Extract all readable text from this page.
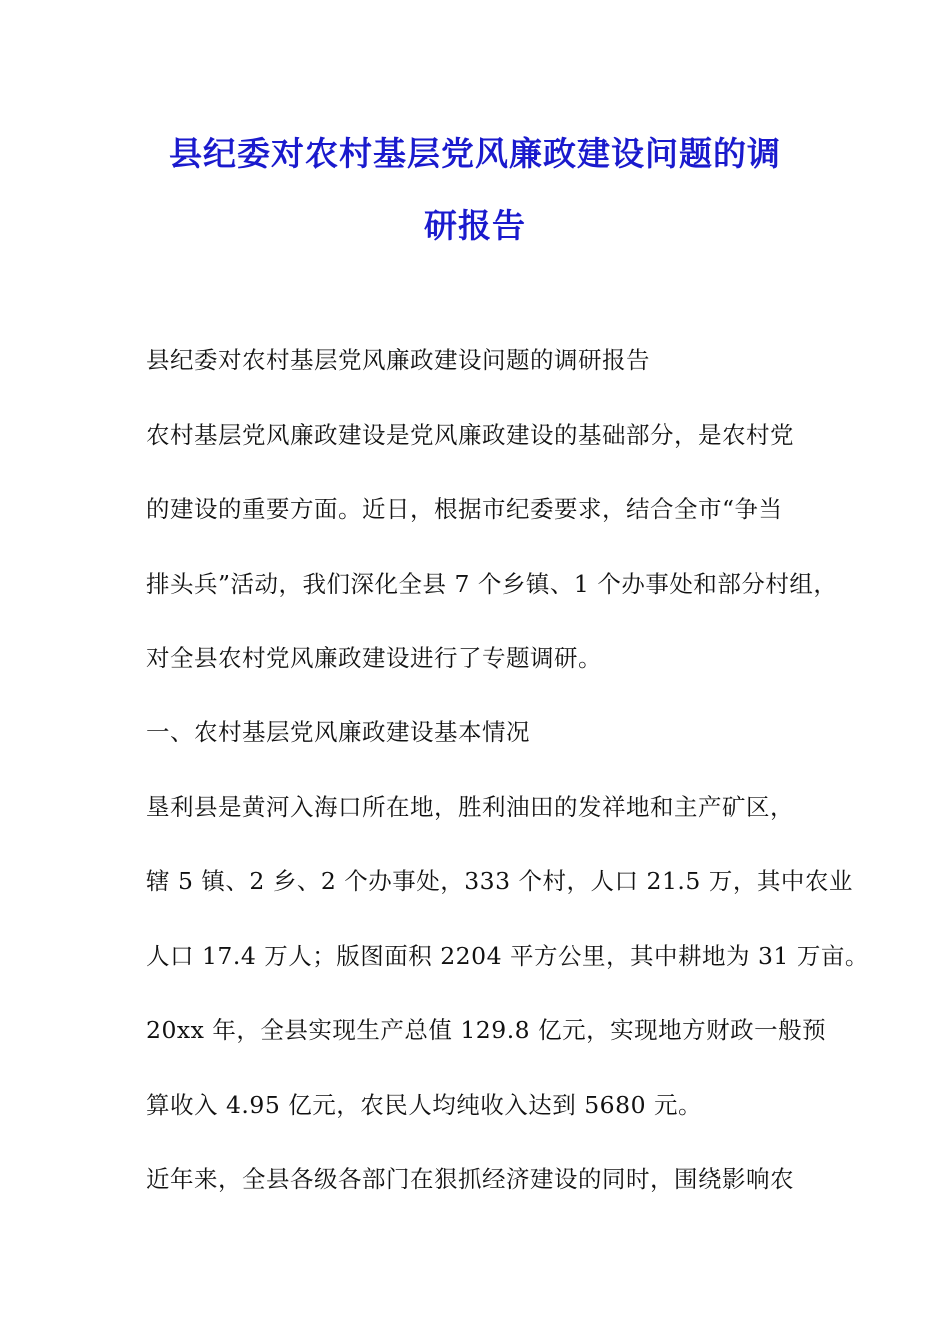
县纪委对农村基层党风廉政建设问题的调
研报告
县纪委对农村基层党风廉政建设问题的调研报告
农村基层党风廉政建设是党风廉政建设的基础部分，是农村党
的建设的重要方面。近日，根据市纪委要求，结合全市“争当
排头兵”活动，我们深化全县 7 个乡镇、1 个办事处和部分村组，
对全县农村党风廉政建设进行了专题调研。
一、农村基层党风廉政建设基本情况
垦利县是黄河入海口所在地，胜利油田的发祥地和主产矿区，
辖 5 镇、2 乡、2 个办事处，333 个村，人口 21.5 万，其中农业
人口 17.4 万人；版图面积 2204 平方公里，其中耕地为 31 万亩。
20xx 年，全县实现生产总值 129.8 亿元，实现地方财政一般预
算收入 4.95 亿元，农民人均纯收入达到 5680 元。
近年来，全县各级各部门在狠抓经济建设的同时，围绕影响农
